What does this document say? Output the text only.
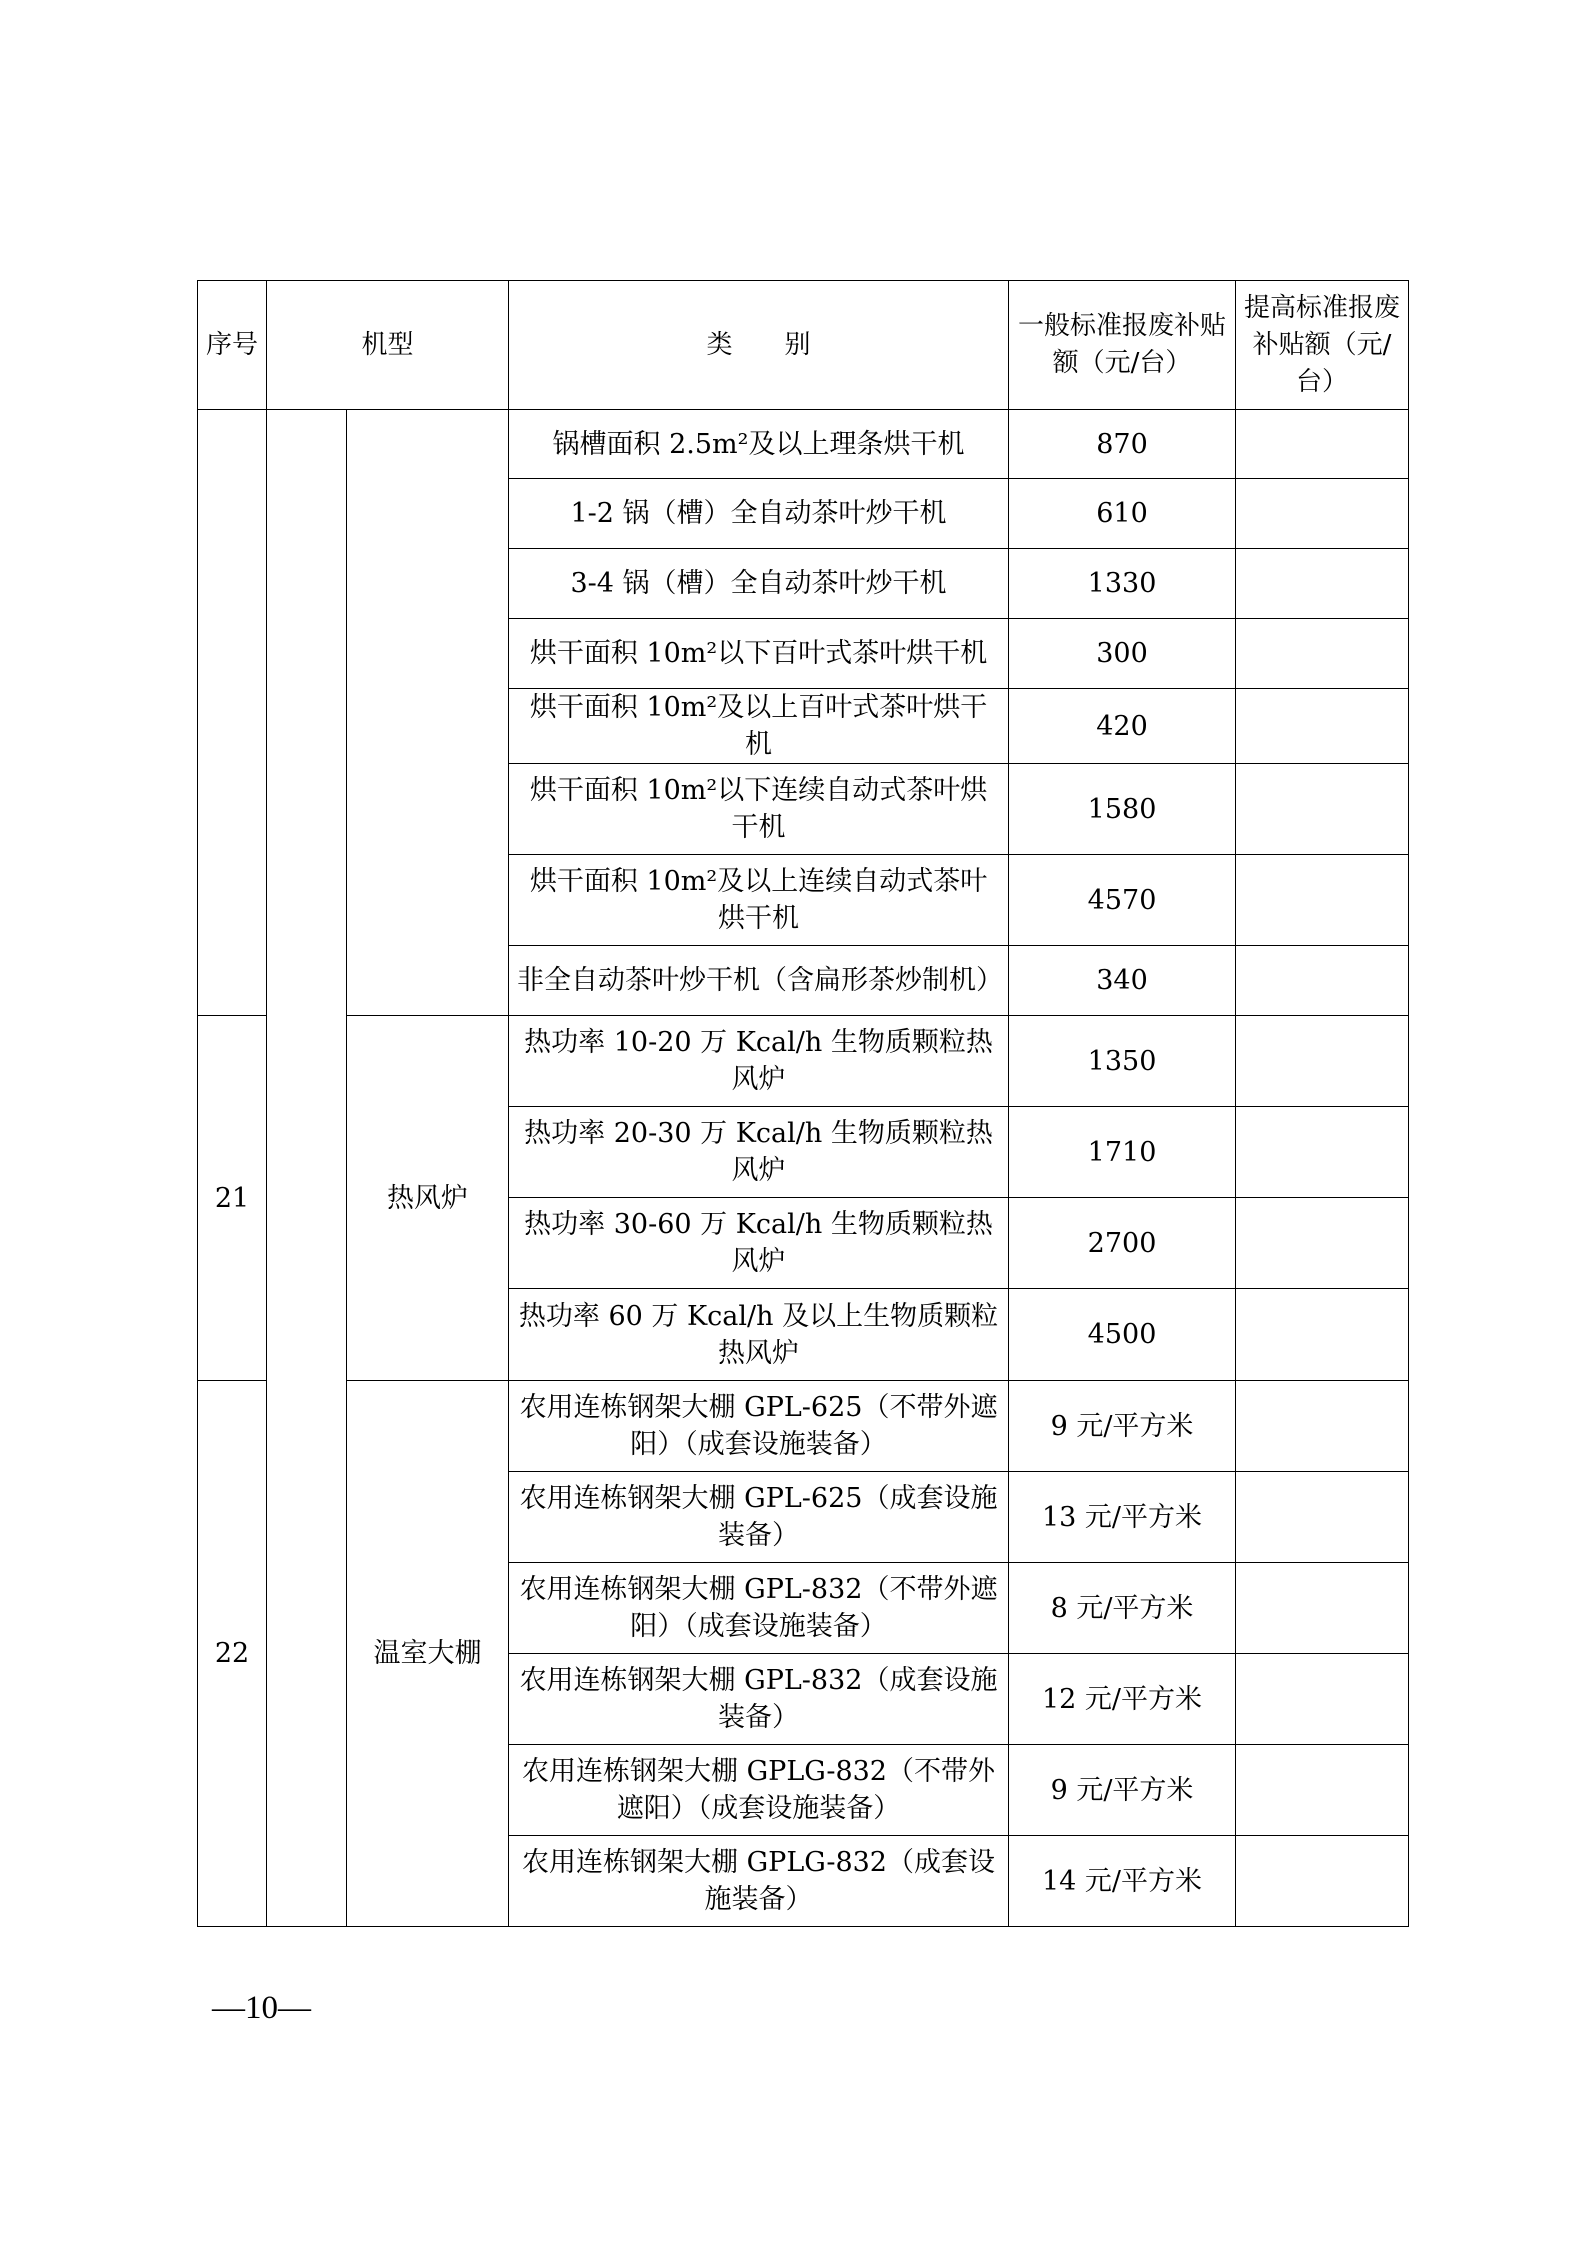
序号	机型		类　　别	一般标准报废补贴额（元/台）	提高标准报废补贴额（元/台）
			锅槽面积 2.5m²及以上理条烘干机	870	
			1-2 锅（槽）全自动茶叶炒干机	610	
			3-4 锅（槽）全自动茶叶炒干机	1330	
			烘干面积 10m²以下百叶式茶叶烘干机	300	
			烘干面积 10m²及以上百叶式茶叶烘干机	420	
			烘干面积 10m²以下连续自动式茶叶烘干机	1580	
			烘干面积 10m²及以上连续自动式茶叶烘干机	4570	
			非全自动茶叶炒干机（含扁形茶炒制机）	340	
21		热风炉	热功率 10-20 万 Kcal/h 生物质颗粒热风炉	1350	
			热功率 20-30 万 Kcal/h 生物质颗粒热风炉	1710	
			热功率 30-60 万 Kcal/h 生物质颗粒热风炉	2700	
			热功率 60 万 Kcal/h 及以上生物质颗粒热风炉	4500	
22		温室大棚	农用连栋钢架大棚 GPL-625（不带外遮阳）（成套设施装备）	9 元/平方米	
			农用连栋钢架大棚 GPL-625（成套设施装备）	13 元/平方米	
			农用连栋钢架大棚 GPL-832（不带外遮阳）（成套设施装备）	8 元/平方米	
			农用连栋钢架大棚 GPL-832（成套设施装备）	12 元/平方米	
			农用连栋钢架大棚 GPLG-832（不带外遮阳）（成套设施装备）	9 元/平方米	
			农用连栋钢架大棚 GPLG-832（成套设施装备）	14 元/平方米	
—10—
